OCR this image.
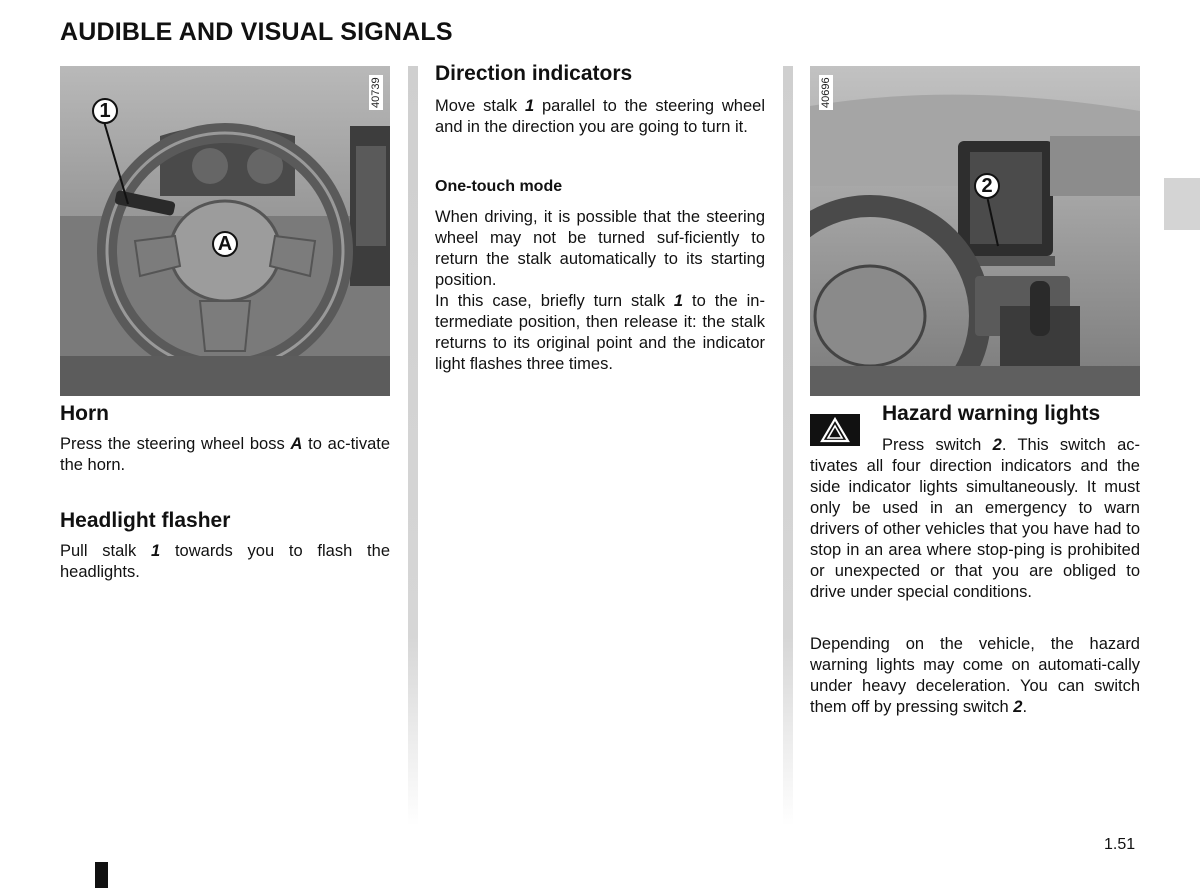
AUDIBLE AND VISUAL SIGNALS
1
A
40739
2
40696
Horn

Press the steering wheel boss A to ac-tivate the horn.

Headlight flasher

Pull stalk 1 towards you to flash the headlights.

Direction indicators

Move stalk 1 parallel to the steering wheel and in the direction you are going to turn it.

One-touch mode

When driving, it is possible that the steering wheel may not be turned suf-ficiently to return the stalk automatically to its starting position.
In this case, briefly turn stalk 1 to the in-termediate position, then release it: the stalk returns to its original point and the indicator light flashes three times.

Hazard warning lights

Press switch 2. This switch ac-tivates all four direction indicators and the side indicator lights simultaneously. It must only be used in an emergency to warn drivers of other vehicles that you have had to stop in an area where stop-ping is prohibited or unexpected or that you are obliged to drive under special conditions.

Depending on the vehicle, the hazard warning lights may come on automati-cally under heavy deceleration. You can switch them off by pressing switch 2.

1.51
